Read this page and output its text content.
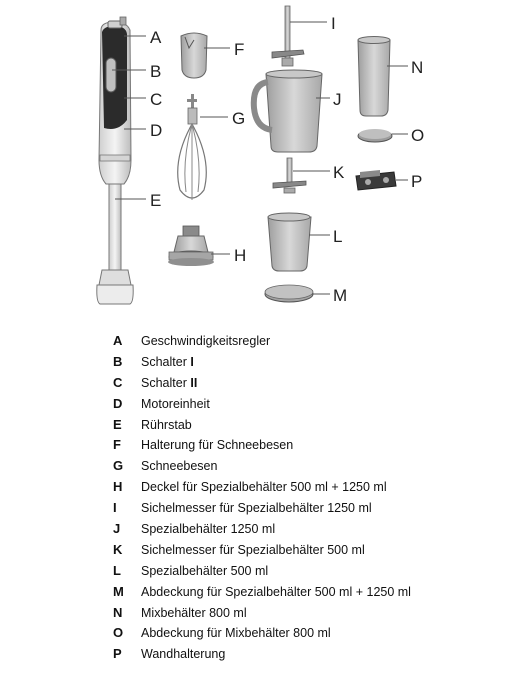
A
B
C
D
E
F
G
H
I
J
K
L
M
N
O
P
A	Geschwindigkeitsregler
B	Schalter I
C	Schalter II
D	Motoreinheit
E	Rührstab
F	Halterung für Schneebesen
G	Schneebesen
H	Deckel für Spezialbehälter 500 ml + 1250 ml
I	Sichelmesser für Spezialbehälter 1250 ml
J	Spezialbehälter 1250 ml
K	Sichelmesser für Spezialbehälter 500 ml
L	Spezialbehälter 500 ml
M	Abdeckung für Spezialbehälter 500 ml + 1250 ml
N	Mixbehälter 800 ml
O	Abdeckung für Mixbehälter 800 ml
P	Wandhalterung
